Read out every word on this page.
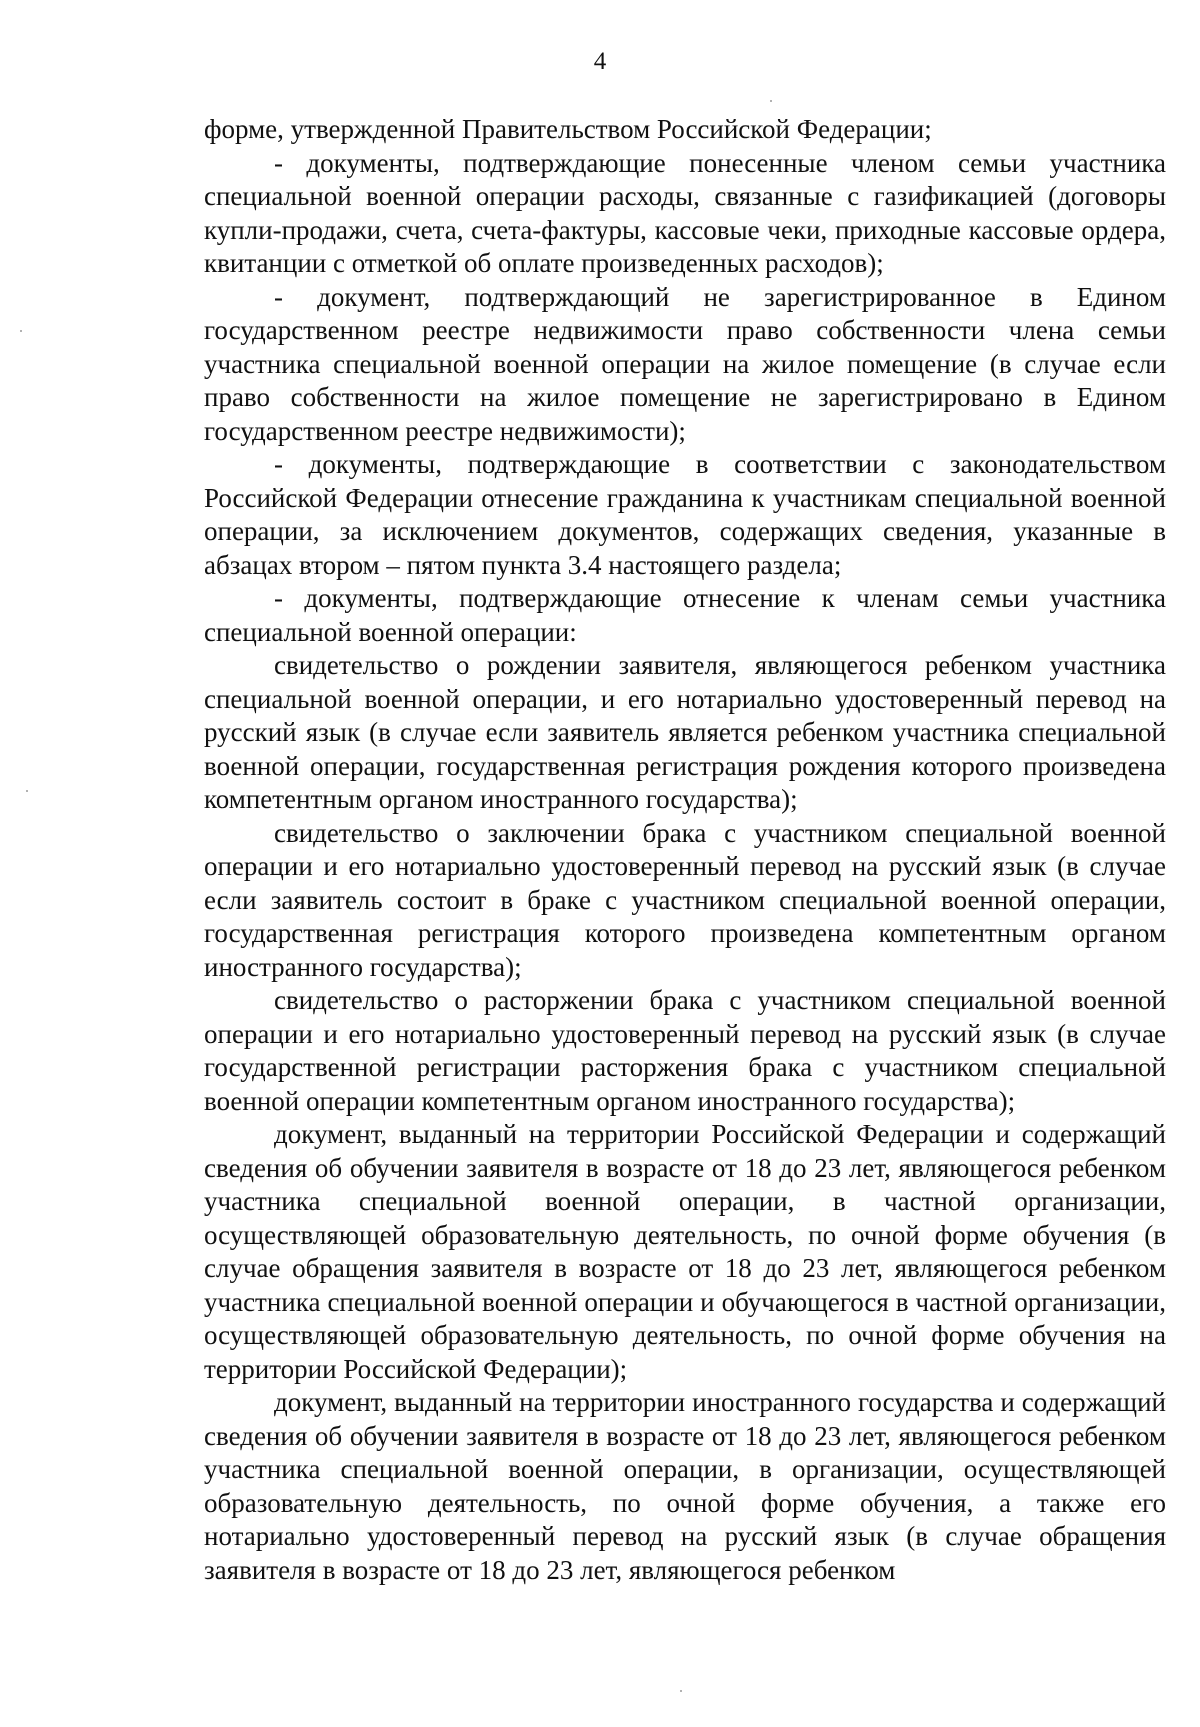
4

форме, утвержденной Правительством Российской Федерации;

- документы, подтверждающие понесенные членом семьи участника специальной военной операции расходы, связанные с газификацией (договоры купли-продажи, счета, счета-фактуры, кассовые чеки, приходные кассовые ордера, квитанции с отметкой об оплате произведенных расходов);

- документ, подтверждающий не зарегистрированное в Едином государственном реестре недвижимости право собственности члена семьи участника специальной военной операции на жилое помещение (в случае если право собственности на жилое помещение не зарегистрировано в Едином государственном реестре недвижимости);

- документы, подтверждающие в соответствии с законодательством Российской Федерации отнесение гражданина к участникам специальной военной операции, за исключением документов, содержащих сведения, указанные в абзацах втором – пятом пункта 3.4 настоящего раздела;

- документы, подтверждающие отнесение к членам семьи участника специальной военной операции:

свидетельство о рождении заявителя, являющегося ребенком участника специальной военной операции, и его нотариально удостоверенный перевод на русский язык (в случае если заявитель является ребенком участника специальной военной операции, государственная регистрация рождения которого произведена компетентным органом иностранного государства);

свидетельство о заключении брака с участником специальной военной операции и его нотариально удостоверенный перевод на русский язык (в случае если заявитель состоит в браке с участником специальной военной операции, государственная регистрация которого произведена компетентным органом иностранного государства);

свидетельство о расторжении брака с участником специальной военной операции и его нотариально удостоверенный перевод на русский язык (в случае государственной регистрации расторжения брака с участником специальной военной операции компетентным органом иностранного государства);

документ, выданный на территории Российской Федерации и содержащий сведения об обучении заявителя в возрасте от 18 до 23 лет, являющегося ребенком участника специальной военной операции, в частной организации, осуществляющей образовательную деятельность, по очной форме обучения (в случае обращения заявителя в возрасте от 18 до 23 лет, являющегося ребенком участника специальной военной операции и обучающегося в частной организации, осуществляющей образовательную деятельность, по очной форме обучения на территории Российской Федерации);

документ, выданный на территории иностранного государства и содержащий сведения об обучении заявителя в возрасте от 18 до 23 лет, являющегося ребенком участника специальной военной операции, в организации, осуществляющей образовательную деятельность, по очной форме обучения, а также его нотариально удостоверенный перевод на русский язык (в случае обращения заявителя в возрасте от 18 до 23 лет, являющегося ребенком
